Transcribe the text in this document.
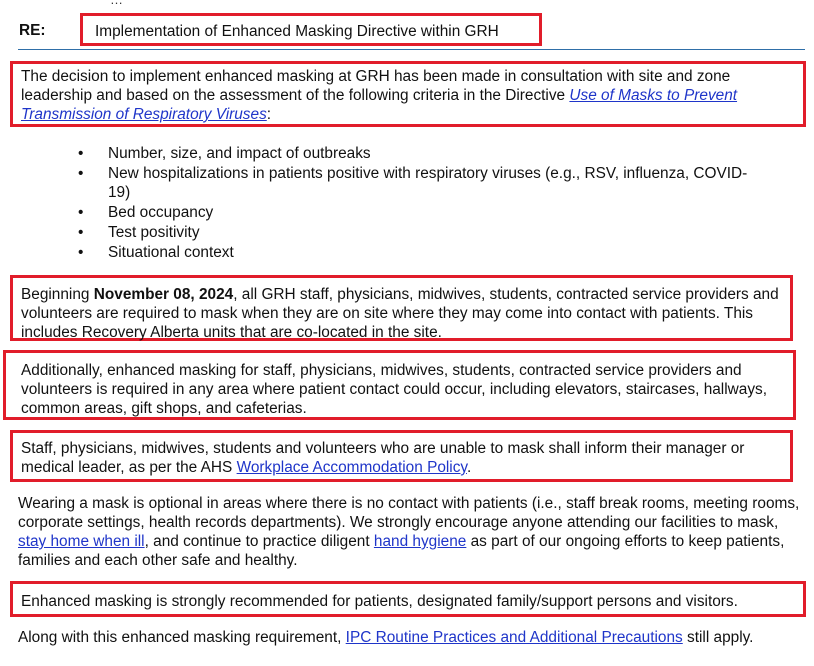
RE:	Implementation of Enhanced Masking Directive within GRH
The decision to implement enhanced masking at GRH has been made in consultation with site and zone leadership and based on the assessment of the following criteria in the Directive Use of Masks to Prevent Transmission of Respiratory Viruses:
• Number, size, and impact of outbreaks
• New hospitalizations in patients positive with respiratory viruses (e.g., RSV, influenza, COVID-19)
• Bed occupancy
• Test positivity
• Situational context
Beginning November 08, 2024, all GRH staff, physicians, midwives, students, contracted service providers and volunteers are required to mask when they are on site where they may come into contact with patients. This includes Recovery Alberta units that are co-located in the site.
Additionally, enhanced masking for staff, physicians, midwives, students, contracted service providers and volunteers is required in any area where patient contact could occur, including elevators, staircases, hallways, common areas, gift shops, and cafeterias.
Staff, physicians, midwives, students and volunteers who are unable to mask shall inform their manager or medical leader, as per the AHS Workplace Accommodation Policy.
Wearing a mask is optional in areas where there is no contact with patients (i.e., staff break rooms, meeting rooms, corporate settings, health records departments). We strongly encourage anyone attending our facilities to mask, stay home when ill, and continue to practice diligent hand hygiene as part of our ongoing efforts to keep patients, families and each other safe and healthy.
Enhanced masking is strongly recommended for patients, designated family/support persons and visitors.
Along with this enhanced masking requirement, IPC Routine Practices and Additional Precautions still apply.
